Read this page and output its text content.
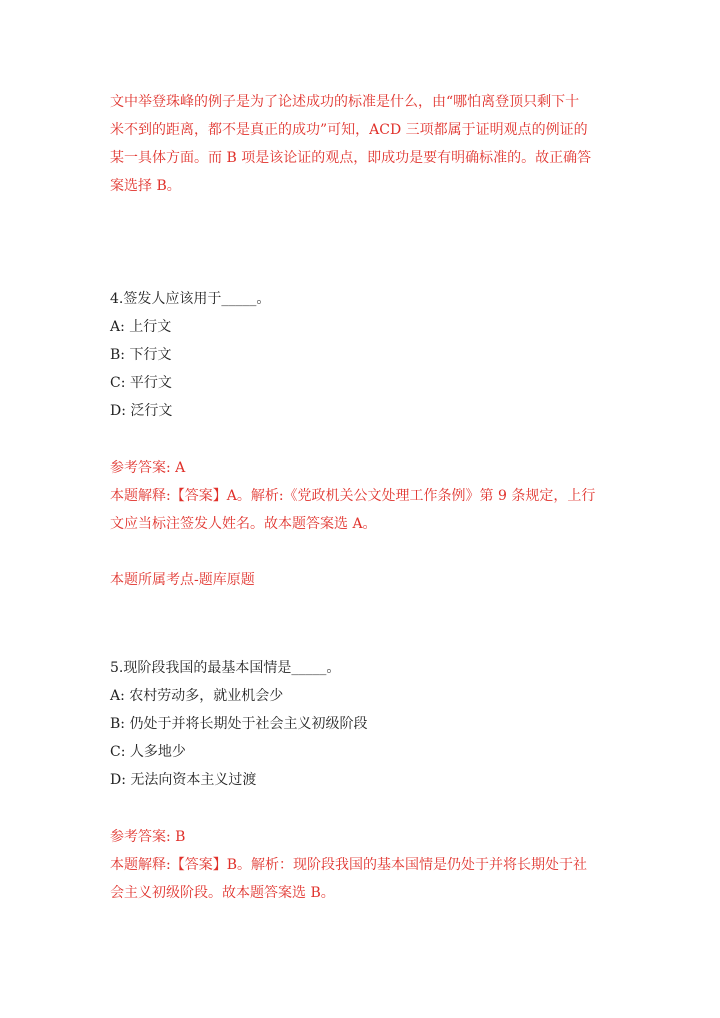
文中举登珠峰的例子是为了论述成功的标准是什么，由“哪怕离登顶只剩下十
米不到的距离，都不是真正的成功”可知，ACD 三项都属于证明观点的例证的
某一具体方面。而 B 项是该论证的观点，即成功是要有明确标准的。故正确答
案选择 B。
4.签发人应该用于_____。
A: 上行文
B: 下行文
C: 平行文
D: 泛行文
参考答案: A
本题解释:【答案】A。解析:《党政机关公文处理工作条例》第 9 条规定，上行
文应当标注签发人姓名。故本题答案选 A。
本题所属考点-题库原题
5.现阶段我国的最基本国情是_____。
A: 农村劳动多，就业机会少
B: 仍处于并将长期处于社会主义初级阶段
C: 人多地少
D: 无法向资本主义过渡
参考答案: B
本题解释:【答案】B。解析：现阶段我国的基本国情是仍处于并将长期处于社
会主义初级阶段。故本题答案选 B。
